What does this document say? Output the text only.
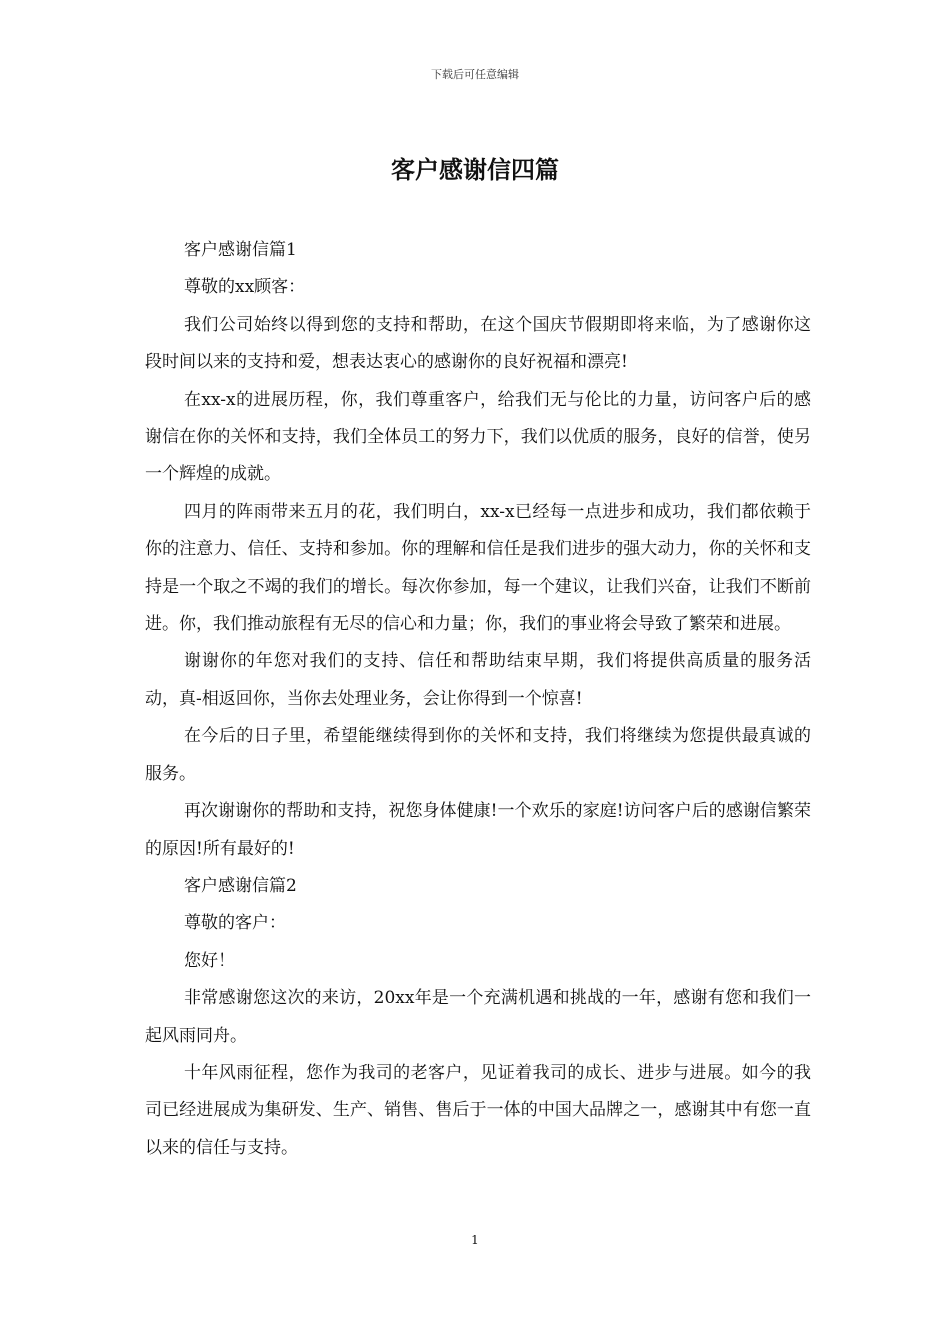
下载后可任意编辑
客户感谢信四篇

客户感谢信篇1

尊敬的xx顾客：

我们公司始终以得到您的支持和帮助，在这个国庆节假期即将来临，为了感谢你这段时间以来的支持和爱，想表达衷心的感谢你的良好祝福和漂亮!

在xx-x的进展历程，你，我们尊重客户，给我们无与伦比的力量，访问客户后的感谢信在你的关怀和支持，我们全体员工的努力下，我们以优质的服务，良好的信誉，使另一个辉煌的成就。

四月的阵雨带来五月的花，我们明白，xx-x已经每一点进步和成功，我们都依赖于你的注意力、信任、支持和参加。你的理解和信任是我们进步的强大动力，你的关怀和支持是一个取之不竭的我们的增长。每次你参加，每一个建议，让我们兴奋，让我们不断前进。你，我们推动旅程有无尽的信心和力量；你，我们的事业将会导致了繁荣和进展。

谢谢你的年您对我们的支持、信任和帮助结束早期，我们将提供高质量的服务活动，真-相返回你，当你去处理业务，会让你得到一个惊喜!

在今后的日子里，希望能继续得到你的关怀和支持，我们将继续为您提供最真诚的服务。

再次谢谢你的帮助和支持，祝您身体健康!一个欢乐的家庭!访问客户后的感谢信繁荣的原因!所有最好的!

客户感谢信篇2

尊敬的客户：

您好！

非常感谢您这次的来访，20xx年是一个充满机遇和挑战的一年，感谢有您和我们一起风雨同舟。

十年风雨征程，您作为我司的老客户，见证着我司的成长、进步与进展。如今的我司已经进展成为集研发、生产、销售、售后于一体的中国大品牌之一，感谢其中有您一直以来的信任与支持。

1
